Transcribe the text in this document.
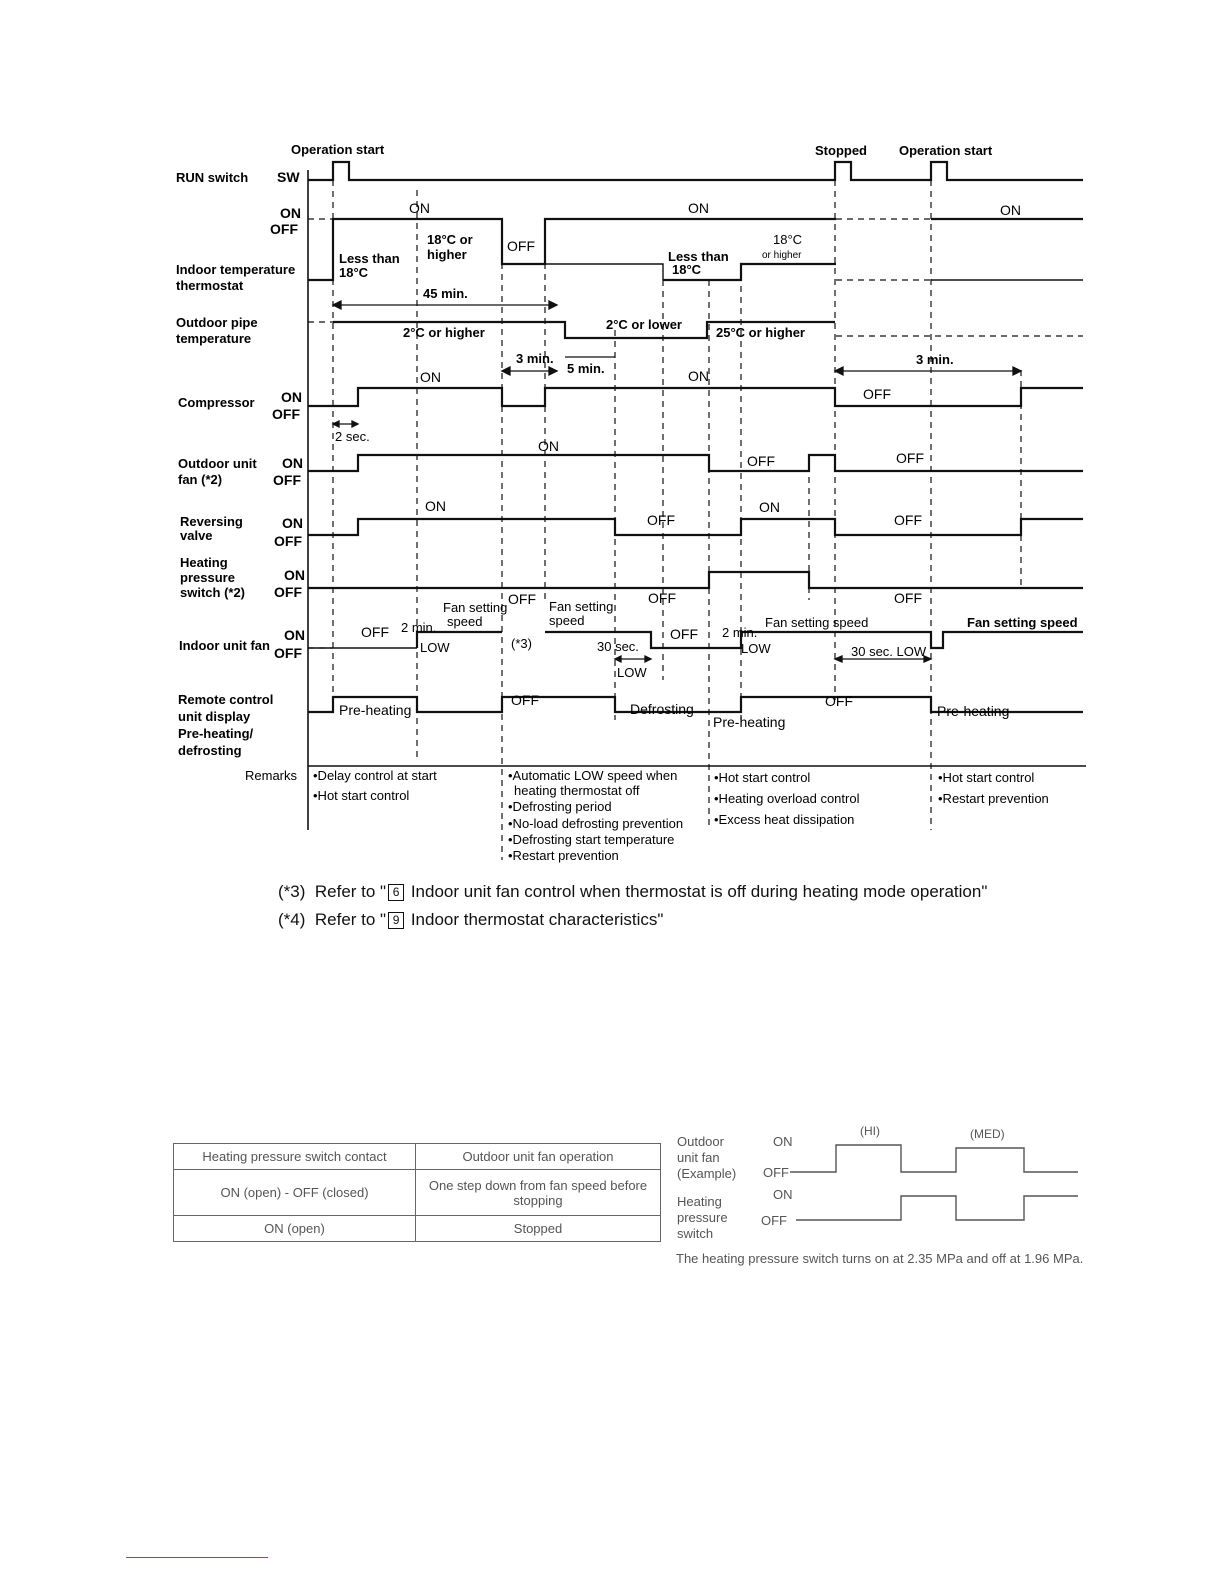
Operation start	Stopped Operation start
RUN switch SW
ON
OFF
Indoor temperature
thermostat
Outdoor pipe
temperature
Compressor ON
OFF
Outdoor unit
fan (*2)
ON
OFF
Reversing
valve
ON
OFF
Heating
pressure
switch (*2)
ON
OFF
Indoor unit fan
ON
OFF
Remote control
unit display
Pre-heating/
defrosting
ON	ON	ON
Less than
18°C
18°C or
higher
OFF
Less than
18°C
18°C
or higher
45 min.
2°C or higher
2°C or lower
25°C or higher
3 min.
5 min.
3 min.
ON	ON
OFF
2 sec.
ON
OFF	OFF
ON
OFF
ON
OFF
OFF	OFF	OFF
OFF 2 min.
Fan setting
speed
Fan setting
speed
LOW	(*3)	30 sec.
LOW
OFF 2 min.
Fan setting speed
LOW	30 sec. LOW
Fan setting speed
Pre-heating
OFF
Defrosting
Pre-heating
OFF
Pre-heating
Remarks •Delay control at start
•Hot start control
•Automatic LOW speed when
heating thermostat off
•Defrosting period
•No-load defrosting prevention
•Defrosting start temperature
•Restart prevention
•Hot start control
•Heating overload control
•Excess heat dissipation
•Hot start control
•Restart prevention
(*3) Refer to " 6 Indoor unit fan control when thermostat is off during heating mode operation"
(*4) Refer to " 9 Indoor thermostat characteristics"
Heating pressure switch contact	Outdoor unit fan operation
ON (open) - OFF (closed)	One step down from fan speed before stopping
ON (open)	Stopped
Outdoor
unit fan
(Example)
ON
OFF
(HI)	(MED)
Heating
pressure
switch
ON
OFF
The heating pressure switch turns on at 2.35 MPa and off at 1.96 MPa.
